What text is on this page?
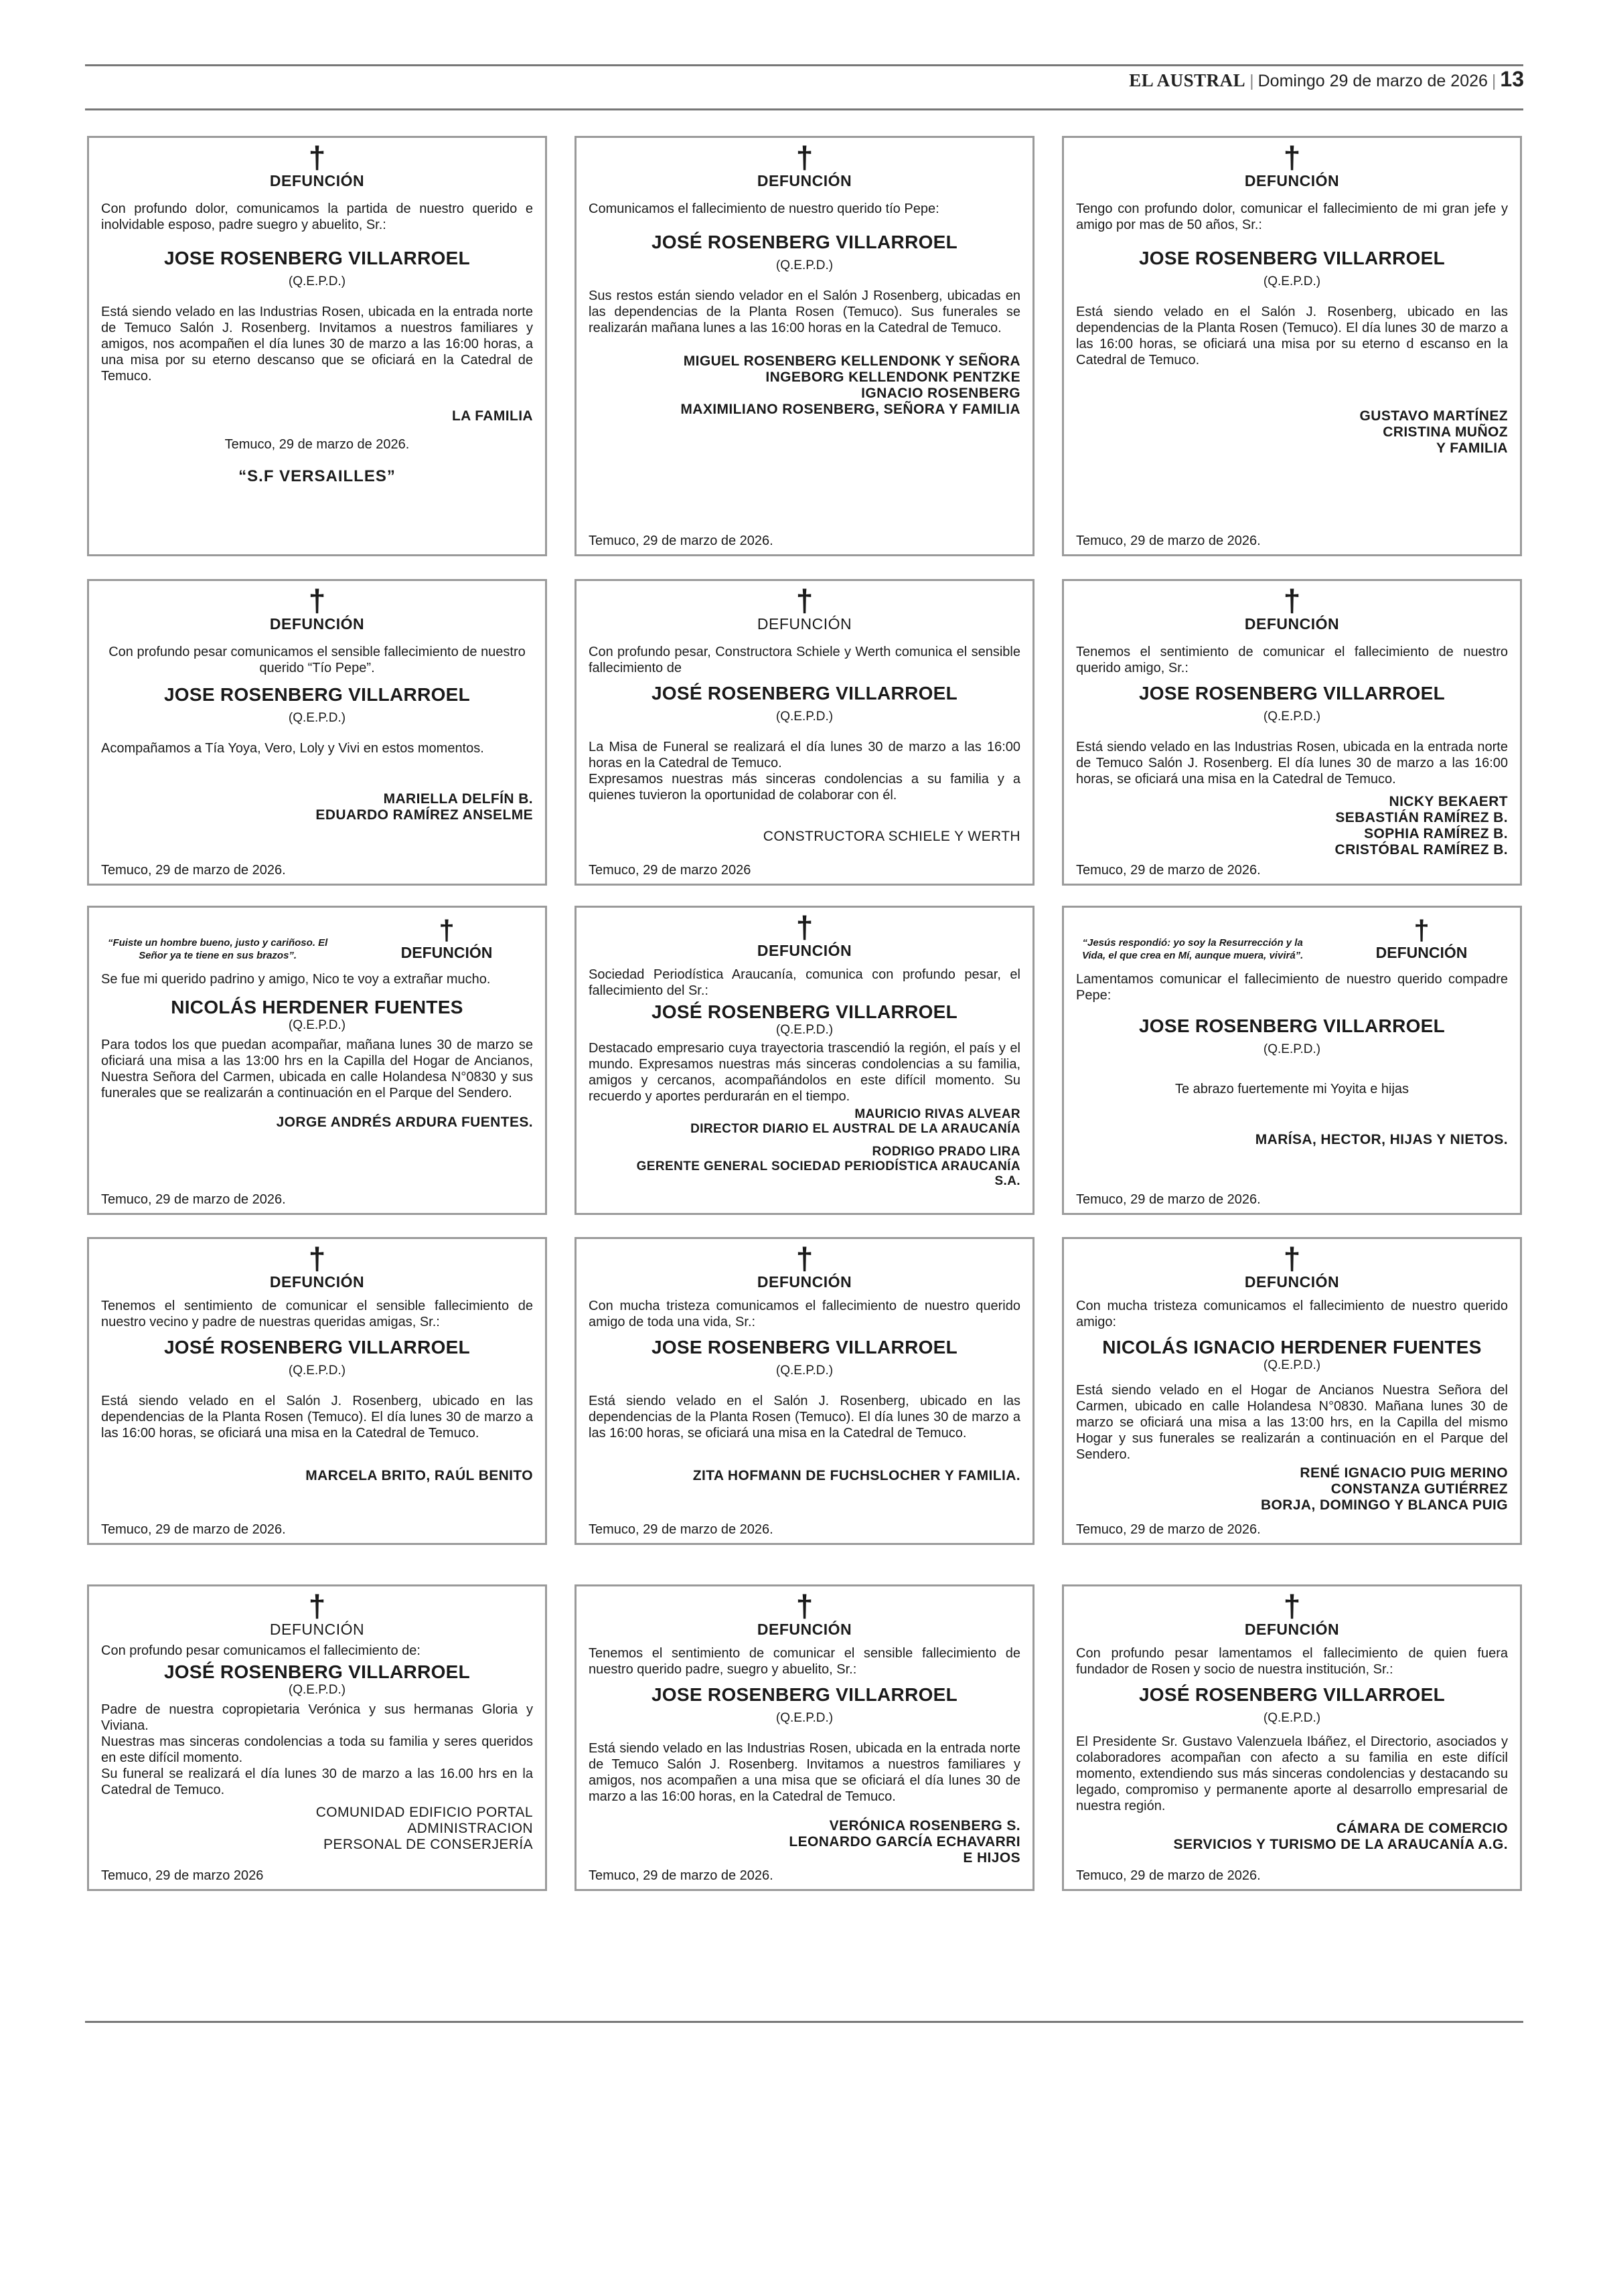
EL AUSTRAL | Domingo 29 de marzo de 2026 | 13
†
DEFUNCIÓN

Con profundo dolor, comunicamos la partida de nuestro querido e inolvidable esposo, padre suegro y abuelito, Sr.:

JOSE ROSENBERG VILLARROEL
(Q.E.P.D.)

Está siendo velado en las Industrias Rosen, ubicada en la entrada norte de Temuco Salón J. Rosenberg. Invitamos a nuestros familiares y amigos, nos acompañen el día lunes 30 de marzo a las 16:00 horas, a una misa por su eterno descanso que se oficiará en la Catedral de Temuco.

LA FAMILIA
Temuco, 29 de marzo de 2026.
“S.F VERSAILLES”
†
DEFUNCIÓN

Comunicamos el fallecimiento de nuestro querido tío Pepe:

JOSÉ ROSENBERG VILLARROEL
(Q.E.P.D.)

Sus restos están siendo velador en el Salón J Rosenberg, ubicadas en las dependencias de la Planta Rosen (Temuco). Sus funerales se realizarán mañana lunes a las 16:00 horas en la Catedral de Temuco.

MIGUEL ROSENBERG KELLENDONK Y SEÑORA
INGEBORG KELLENDONK PENTZKE
IGNACIO ROSENBERG
MAXIMILIANO ROSENBERG, SEÑORA Y FAMILIA
Temuco, 29 de marzo de 2026.
†
DEFUNCIÓN

Tengo con profundo dolor, comunicar el fallecimiento de mi gran jefe y amigo por mas de 50 años, Sr.:

JOSE ROSENBERG VILLARROEL
(Q.E.P.D.)

Está siendo velado en el Salón J. Rosenberg, ubicado en las dependencias de la Planta Rosen (Temuco). El día lunes 30 de marzo a las 16:00 horas, se oficiará una misa por su eterno d escanso en la Catedral de Temuco.

GUSTAVO MARTÍNEZ
CRISTINA MUÑOZ
Y FAMILIA
Temuco, 29 de marzo de 2026.
†
DEFUNCIÓN

Con profundo pesar comunicamos el sensible fallecimiento de nuestro querido “Tío Pepe”.

JOSE ROSENBERG VILLARROEL
(Q.E.P.D.)

Acompañamos a Tía Yoya, Vero, Loly y Vivi en estos momentos.

MARIELLA DELFÍN B.
EDUARDO RAMÍREZ ANSELME
Temuco, 29 de marzo de 2026.
†
DEFUNCIÓN

Con profundo pesar, Constructora Schiele y Werth comunica el sensible fallecimiento de

JOSÉ ROSENBERG VILLARROEL
(Q.E.P.D.)

La Misa de Funeral se realizará el día lunes 30 de marzo a las 16:00 horas en la Catedral de Temuco.

Expresamos nuestras más sinceras condolencias a su familia y a quienes tuvieron la oportunidad de colaborar con él.

CONSTRUCTORA SCHIELE Y WERTH
Temuco, 29 de marzo 2026
†
DEFUNCIÓN

Tenemos el sentimiento de comunicar el fallecimiento de nuestro querido amigo, Sr.:

JOSE ROSENBERG VILLARROEL
(Q.E.P.D.)

Está siendo velado en las Industrias Rosen, ubicada en la entrada norte de Temuco Salón J. Rosenberg. El día lunes 30 de marzo a las 16:00 horas, se oficiará una misa en la Catedral de Temuco.

NICKY BEKAERT
SEBASTIÁN RAMÍREZ B.
SOPHIA RAMÍREZ B.
CRISTÓBAL RAMÍREZ B.
Temuco, 29 de marzo de 2026.
“Fuiste un hombre bueno, justo y cariñoso. El Señor ya te tiene en sus brazos”.
†
DEFUNCIÓN

Se fue mi querido padrino y amigo, Nico te voy a extrañar mucho.

NICOLÁS HERDENER FUENTES
(Q.E.P.D.)

Para todos los que puedan acompañar, mañana lunes 30 de marzo se oficiará una misa a las 13:00 hrs en la Capilla del Hogar de Ancianos, Nuestra Señora del Carmen, ubicada en calle Holandesa N°0830 y sus funerales que se realizarán a continuación en el Parque del Sendero.

JORGE ANDRÉS ARDURA FUENTES.
Temuco, 29 de marzo de 2026.
†
DEFUNCIÓN

Sociedad Periodística Araucanía, comunica con profundo pesar, el fallecimiento del Sr.:

JOSÉ ROSENBERG VILLARROEL
(Q.E.P.D.)

Destacado empresario cuya trayectoria trascendió la región, el país y el mundo. Expresamos nuestras más sinceras condolencias a su familia, amigos y cercanos, acompañándolos en este difícil momento. Su recuerdo y aportes perdurarán en el tiempo.

MAURICIO RIVAS ALVEAR
DIRECTOR DIARIO EL AUSTRAL DE LA ARAUCANÍA
RODRIGO PRADO LIRA
GERENTE GENERAL SOCIEDAD PERIODÍSTICA ARAUCANÍA
S.A.
“Jesús respondió: yo soy la Resurrección y la Vida, el que crea en Mí, aunque muera, vivirá”.
†
DEFUNCIÓN

Lamentamos comunicar el fallecimiento de nuestro querido compadre Pepe:

JOSE ROSENBERG VILLARROEL
(Q.E.P.D.)

Te abrazo fuertemente mi Yoyita e hijas

MARÍSA, HECTOR, HIJAS Y NIETOS.
Temuco, 29 de marzo de 2026.
†
DEFUNCIÓN

Tenemos el sentimiento de comunicar el sensible fallecimiento de nuestro vecino y padre de nuestras queridas amigas, Sr.:

JOSÉ ROSENBERG VILLARROEL
(Q.E.P.D.)

Está siendo velado en el Salón J. Rosenberg, ubicado en las dependencias de la Planta Rosen (Temuco). El día lunes 30 de marzo a las 16:00 horas, se oficiará una misa en la Catedral de Temuco.

MARCELA BRITO, RAÚL BENITO
Temuco, 29 de marzo de 2026.
†
DEFUNCIÓN

Con mucha tristeza comunicamos el fallecimiento de nuestro querido amigo de toda una vida, Sr.:

JOSE ROSENBERG VILLARROEL
(Q.E.P.D.)

Está siendo velado en el Salón J. Rosenberg, ubicado en las dependencias de la Planta Rosen (Temuco). El día lunes 30 de marzo a las 16:00 horas, se oficiará una misa en la Catedral de Temuco.

ZITA HOFMANN DE FUCHSLOCHER Y FAMILIA.
Temuco, 29 de marzo de 2026.
†
DEFUNCIÓN

Con mucha tristeza comunicamos el fallecimiento de nuestro querido amigo:

NICOLÁS IGNACIO HERDENER FUENTES
(Q.E.P.D.)

Está siendo velado en el Hogar de Ancianos Nuestra Señora del Carmen, ubicado en calle Holandesa N°0830. Mañana lunes 30 de marzo se oficiará una misa a las 13:00 hrs, en la Capilla del mismo Hogar y sus funerales se realizarán a continuación en el Parque del Sendero.

RENÉ IGNACIO PUIG MERINO
CONSTANZA GUTIÉRREZ
BORJA, DOMINGO Y BLANCA PUIG
Temuco, 29 de marzo de 2026.
†
DEFUNCIÓN

Con profundo pesar comunicamos el fallecimiento de:

JOSÉ ROSENBERG VILLARROEL
(Q.E.P.D.)

Padre de nuestra copropietaria Verónica y sus hermanas Gloria y Viviana.

Nuestras mas sinceras condolencias a toda su familia y seres queridos en este difícil momento.

Su funeral se realizará el día lunes 30 de marzo a las 16.00 hrs en la Catedral de Temuco.

COMUNIDAD EDIFICIO PORTAL
ADMINISTRACION
PERSONAL DE CONSERJERÍA
Temuco, 29 de marzo 2026
†
DEFUNCIÓN

Tenemos el sentimiento de comunicar el sensible fallecimiento de nuestro querido padre, suegro y abuelito, Sr.:

JOSE ROSENBERG VILLARROEL
(Q.E.P.D.)

Está siendo velado en las Industrias Rosen, ubicada en la entrada norte de Temuco Salón J. Rosenberg. Invitamos a nuestros familiares y amigos, nos acompañen a una misa que se oficiará el día lunes 30 de marzo a las 16:00 horas, en la Catedral de Temuco.

VERÓNICA ROSENBERG S.
LEONARDO GARCÍA ECHAVARRI
E HIJOS
Temuco, 29 de marzo de 2026.
†
DEFUNCIÓN

Con profundo pesar lamentamos el fallecimiento de quien fuera fundador de Rosen y socio de nuestra institución, Sr.:

JOSÉ ROSENBERG VILLARROEL
(Q.E.P.D.)

El Presidente Sr. Gustavo Valenzuela Ibáñez, el Directorio, asociados y colaboradores acompañan con afecto a su familia en este difícil momento, extendiendo sus más sinceras condolencias y destacando su legado, compromiso y permanente aporte al desarrollo empresarial de nuestra región.

CÁMARA DE COMERCIO
SERVICIOS Y TURISMO DE LA ARAUCANÍA A.G.
Temuco, 29 de marzo de 2026.
